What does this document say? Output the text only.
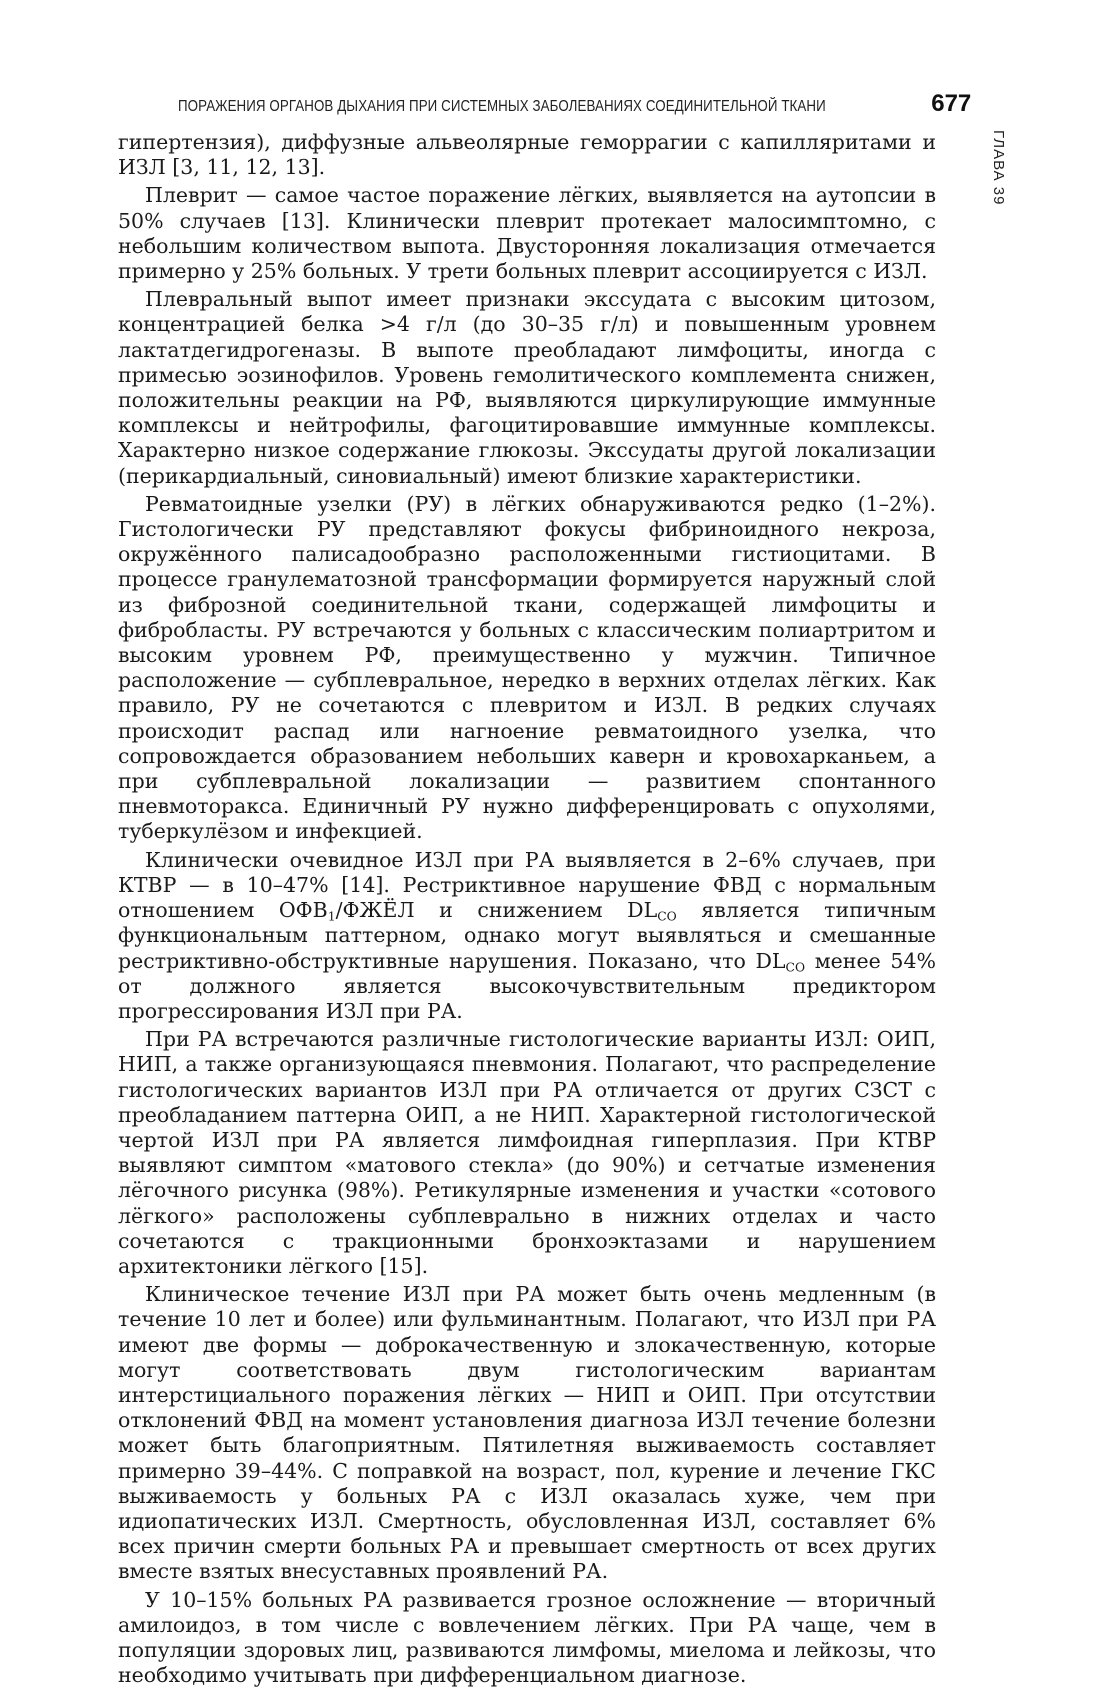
ПОРАЖЕНИЯ ОРГАНОВ ДЫХАНИЯ ПРИ СИСТЕМНЫХ ЗАБОЛЕВАНИЯХ СОЕДИНИТЕЛЬНОЙ ТКАНИ	677
ГЛАВА 39

гипертензия), диффузные альвеолярные геморрагии с капилляритами и ИЗЛ [3, 11, 12, 13].

Плеврит — самое частое поражение лёгких, выявляется на аутопсии в 50% случаев [13]. Клинически плеврит протекает малосимптомно, с небольшим количеством выпота. Двусторонняя локализация отмечается примерно у 25% больных. У трети больных плеврит ассоциируется с ИЗЛ.

Плевральный выпот имеет признаки экссудата с высоким цитозом, концентрацией белка >4 г/л (до 30–35 г/л) и повышенным уровнем лактатдегидрогеназы. В выпоте преобладают лимфоциты, иногда с примесью эозинофилов. Уровень гемолитического комплемента снижен, положительны реакции на РФ, выявляются циркулирующие иммунные комплексы и нейтрофилы, фагоцитировавшие иммунные комплексы. Характерно низкое содержание глюкозы. Экссудаты другой локализации (перикардиальный, синовиальный) имеют близкие характеристики.

Ревматоидные узелки (РУ) в лёгких обнаруживаются редко (1–2%). Гистологически РУ представляют фокусы фибриноидного некроза, окружённого палисадообразно расположенными гистиоцитами. В процессе гранулематозной трансформации формируется наружный слой из фиброзной соединительной ткани, содержащей лимфоциты и фибробласты. РУ встречаются у больных с классическим полиартритом и высоким уровнем РФ, преимущественно у мужчин. Типичное расположение — субплевральное, нередко в верхних отделах лёгких. Как правило, РУ не сочетаются с плевритом и ИЗЛ. В редких случаях происходит распад или нагноение ревматоидного узелка, что сопровождается образованием небольших каверн и кровохарканьем, а при субплевральной локализации — развитием спонтанного пневмоторакса. Единичный РУ нужно дифференцировать с опухолями, туберкулёзом и инфекцией.

Клинически очевидное ИЗЛ при РА выявляется в 2–6% случаев, при КТВР — в 10–47% [14]. Рестриктивное нарушение ФВД с нормальным отношением $ОФВ_1$/ФЖЁЛ и снижением $DL_{CO}$ является типичным функциональным паттерном, однако могут выявляться и смешанные рестриктивно-обструктивные нарушения. Показано, что $DL_{CO}$ менее 54% от должного является высокочувствительным предиктором прогрессирования ИЗЛ при РА.

При РА встречаются различные гистологические варианты ИЗЛ: ОИП, НИП, а также организующаяся пневмония. Полагают, что распределение гистологических вариантов ИЗЛ при РА отличается от других СЗСТ с преобладанием паттерна ОИП, а не НИП. Характерной гистологической чертой ИЗЛ при РА является лимфоидная гиперплазия. При КТВР выявляют симптом «матового стекла» (до 90%) и сетчатые изменения лёгочного рисунка (98%). Ретикулярные изменения и участки «сотового лёгкого» расположены субплеврально в нижних отделах и часто сочетаются с тракционными бронхоэктазами и нарушением архитектоники лёгкого [15].

Клиническое течение ИЗЛ при РА может быть очень медленным (в течение 10 лет и более) или фульминантным. Полагают, что ИЗЛ при РА имеют две формы — доброкачественную и злокачественную, которые могут соответствовать двум гистологическим вариантам интерстициального поражения лёгких — НИП и ОИП. При отсутствии отклонений ФВД на момент установления диагноза ИЗЛ течение болезни может быть благоприятным. Пятилетняя выживаемость составляет примерно 39–44%. С поправкой на возраст, пол, курение и лечение ГКС выживаемость у больных РА с ИЗЛ оказалась хуже, чем при идиопатических ИЗЛ. Смертность, обусловленная ИЗЛ, составляет 6% всех причин смерти больных РА и превышает смертность от всех других вместе взятых внесуставных проявлений РА.

У 10–15% больных РА развивается грозное осложнение — вторичный амилоидоз, в том числе с вовлечением лёгких. При РА чаще, чем в популяции здоровых лиц, развиваются лимфомы, миелома и лейкозы, что необходимо учитывать при дифференциальном диагнозе.
